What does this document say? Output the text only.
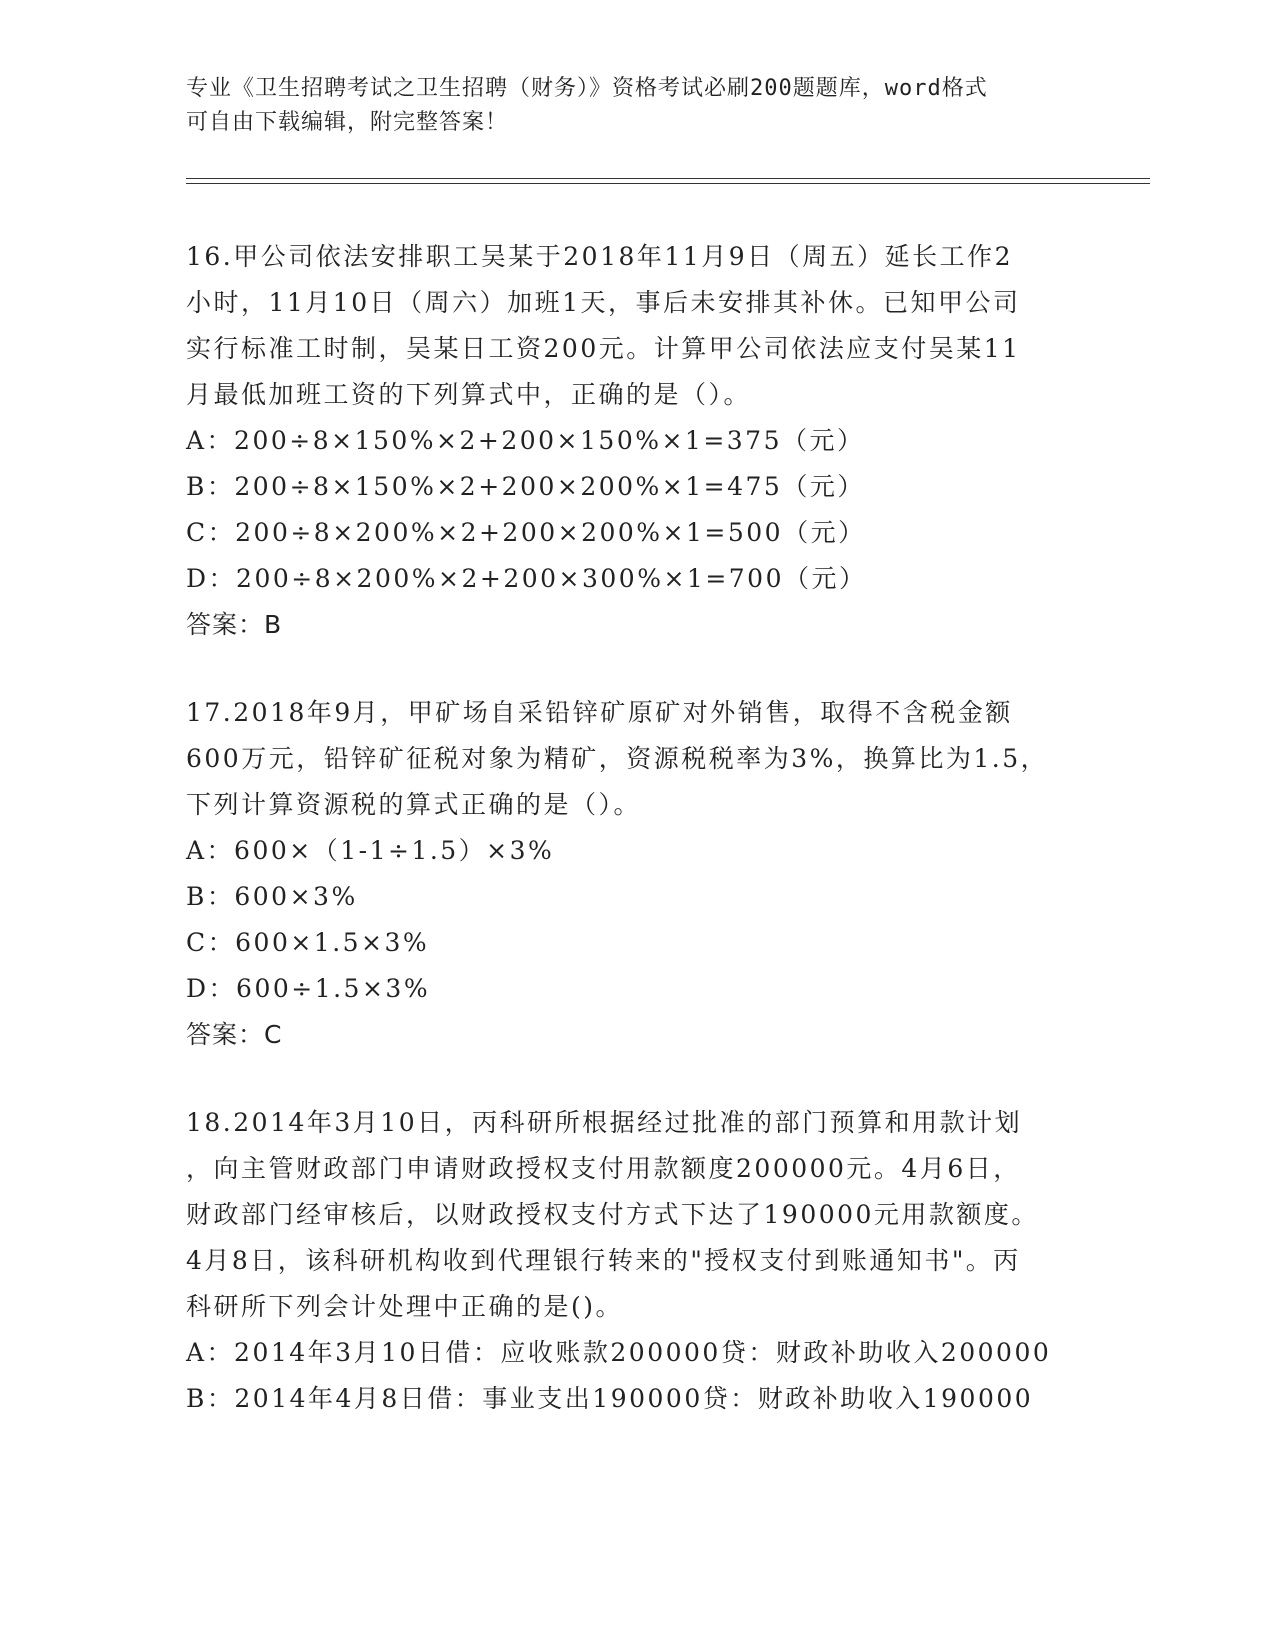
专业《卫生招聘考试之卫生招聘（财务）》资格考试必刷200题题库，word格式
可自由下载编辑，附完整答案！
16.甲公司依法安排职工吴某于2018年11月9日（周五）延长工作2
小时，11月10日（周六）加班1天，事后未安排其补休。已知甲公司
实行标准工时制，吴某日工资200元。计算甲公司依法应支付吴某11
月最低加班工资的下列算式中，正确的是（）。
A：200÷8×150%×2+200×150%×1=375（元）
B：200÷8×150%×2+200×200%×1=475（元）
C：200÷8×200%×2+200×200%×1=500（元）
D：200÷8×200%×2+200×300%×1=700（元）
答案：B
17.2018年9月，甲矿场自采铅锌矿原矿对外销售，取得不含税金额
600万元，铅锌矿征税对象为精矿，资源税税率为3%，换算比为1.5，
下列计算资源税的算式正确的是（）。
A：600×（1-1÷1.5）×3%
B：600×3%
C：600×1.5×3%
D：600÷1.5×3%
答案：C
18.2014年3月10日，丙科研所根据经过批准的部门预算和用款计划
，向主管财政部门申请财政授权支付用款额度200000元。4月6日，
财政部门经审核后，以财政授权支付方式下达了190000元用款额度。
4月8日，该科研机构收到代理银行转来的"授权支付到账通知书"。丙
科研所下列会计处理中正确的是()。
A：2014年3月10日借：应收账款200000贷：财政补助收入200000
B：2014年4月8日借：事业支出190000贷：财政补助收入190000
